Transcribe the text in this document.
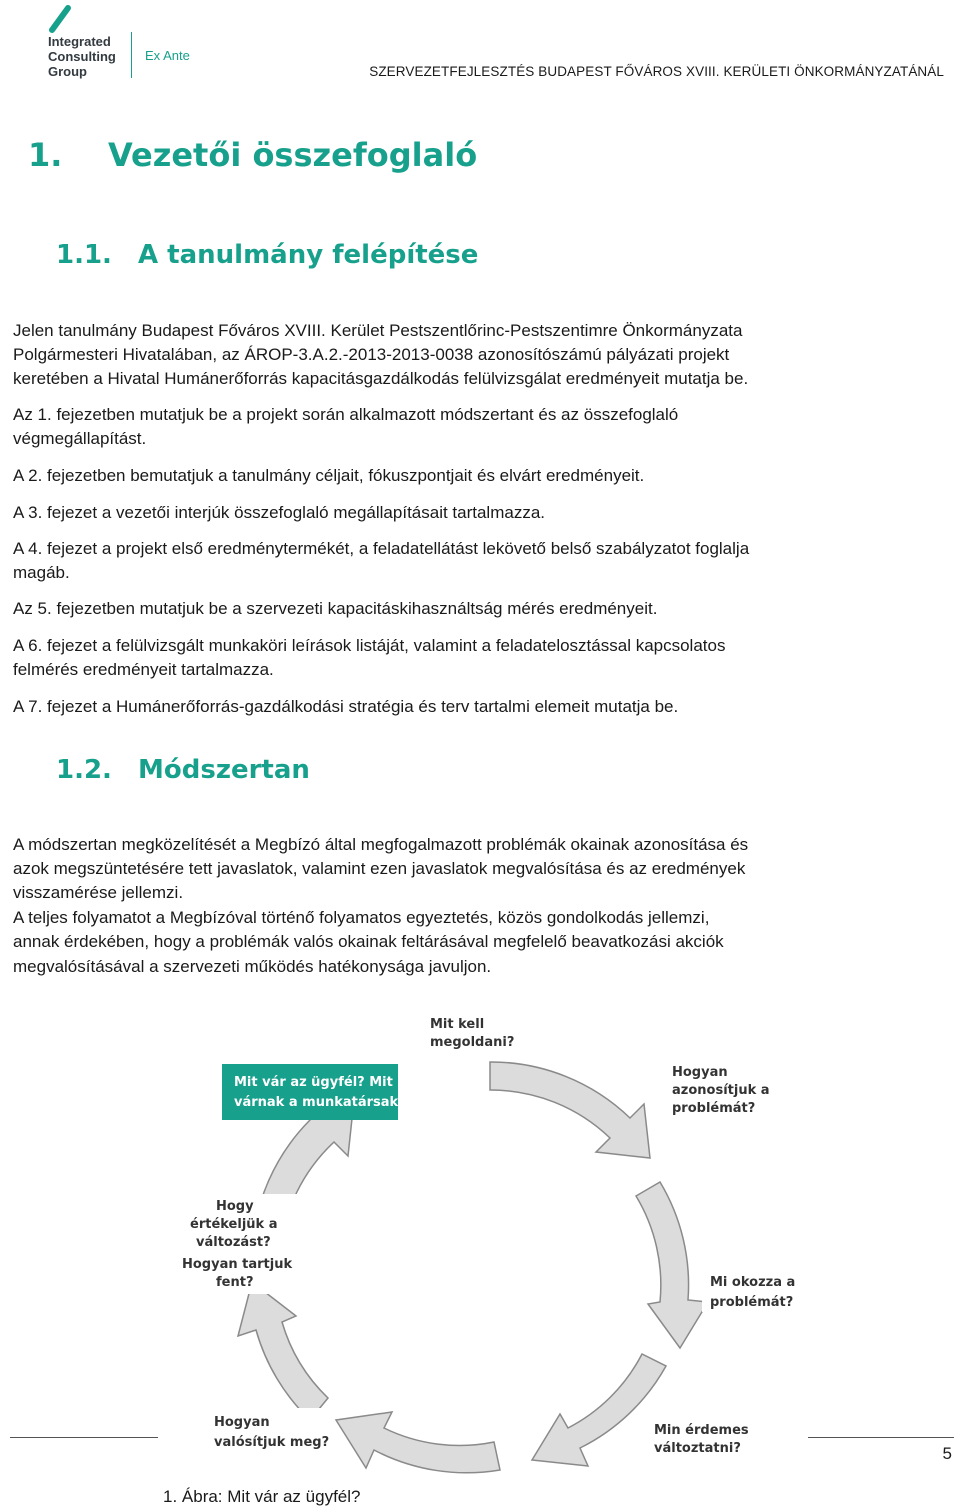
Integrated
Consulting
Group
Ex Ante
SZERVEZETFEJLESZTÉS BUDAPEST FŐVÁROS XVIII. KERÜLETI ÖNKORMÁNYZATÁNÁL
1. Vezetői összefoglaló
1.1. A tanulmány felépítése

Jelen tanulmány Budapest Főváros XVIII. Kerület Pestszentlőrinc-Pestszentimre Önkormányzata

Polgármesteri Hivatalában, az ÁROP-3.A.2.-2013-2013-0038 azonosítószámú pályázati projekt

keretében a Hivatal Humánerőforrás kapacitásgazdálkodás felülvizsgálat eredményeit mutatja be.

Az 1. fejezetben mutatjuk be a projekt során alkalmazott módszertant és az összefoglaló

végmegállapítást.

A 2. fejezetben bemutatjuk a tanulmány céljait, fókuszpontjait és elvárt eredményeit.

A 3. fejezet a vezetői interjúk összefoglaló megállapításait tartalmazza.

A 4. fejezet a projekt első eredménytermékét, a feladatellátást lekövető belső szabályzatot foglalja

magáb.

Az 5. fejezetben mutatjuk be a szervezeti kapacitáskihasználtság mérés eredményeit.

A 6. fejezet a felülvizsgált munkaköri leírások listáját, valamint a feladatelosztással kapcsolatos

felmérés eredményeit tartalmazza.

A 7. fejezet a Humánerőforrás-gazdálkodási stratégia és terv tartalmi elemeit mutatja be.

1.2. Módszertan

A módszertan megközelítését a Megbízó által megfogalmazott problémák okainak azonosítása és

azok megszüntetésére tett javaslatok, valamint ezen javaslatok megvalósítása és az eredmények

visszamérése jellemzi.

A teljes folyamatot a Megbízóval történő folyamatos egyeztetés, közös gondolkodás jellemzi,

annak érdekében, hogy a problémák valós okainak feltárásával megfelelő beavatkozási akciók

megvalósításával a szervezeti működés hatékonysága javuljon.

Mit vár az ügyfél? Mit
várnak a munkatársak?
Mit kell
megoldani?
Hogyan
azonosítjuk a
problémát?
Mi okozza a
problémát?
Min érdemes
változtatni?
Hogyan
valósítjuk meg?
Hogy
értékeljük a
változást?
Hogyan tartjuk
fent?
5
1. Ábra: Mit vár az ügyfél?
